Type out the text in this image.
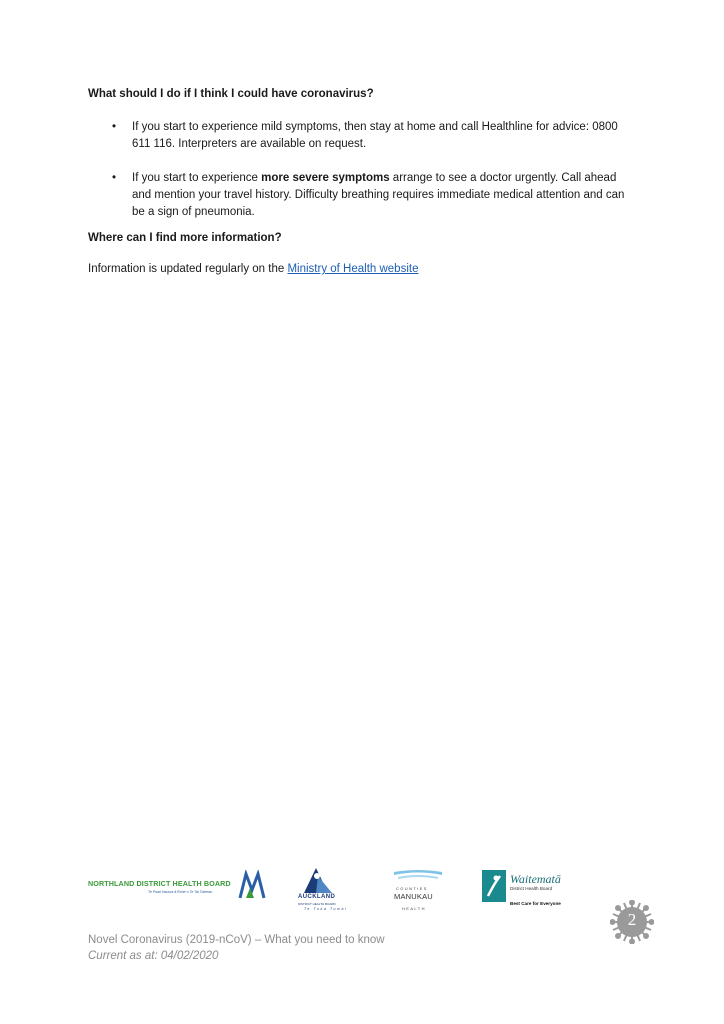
What should I do if I think I could have coronavirus?
•	If you start to experience mild symptoms, then stay at home and call Healthline for advice: 0800 611 116. Interpreters are available on request.
•	If you start to experience more severe symptoms arrange to see a doctor urgently. Call ahead and mention your travel history. Difficulty breathing requires immediate medical attention and can be a sign of pneumonia.
Where can I find more information?
Information is updated regularly on the Ministry of Health website
NORTHLAND DISTRICT HEALTH BOARD
Te Poari Hauora ā Rohe o Te Tai Tokerau
AUCKLAND
DISTRICT HEALTH BOARD
Te Toka Tumai
COUNTIES
MANUKAU
HEALTH
Waitematā
District Health Board
Best Care for Everyone
2
Novel Coronavirus (2019-nCoV) – What you need to know
Current as at: 04/02/2020
